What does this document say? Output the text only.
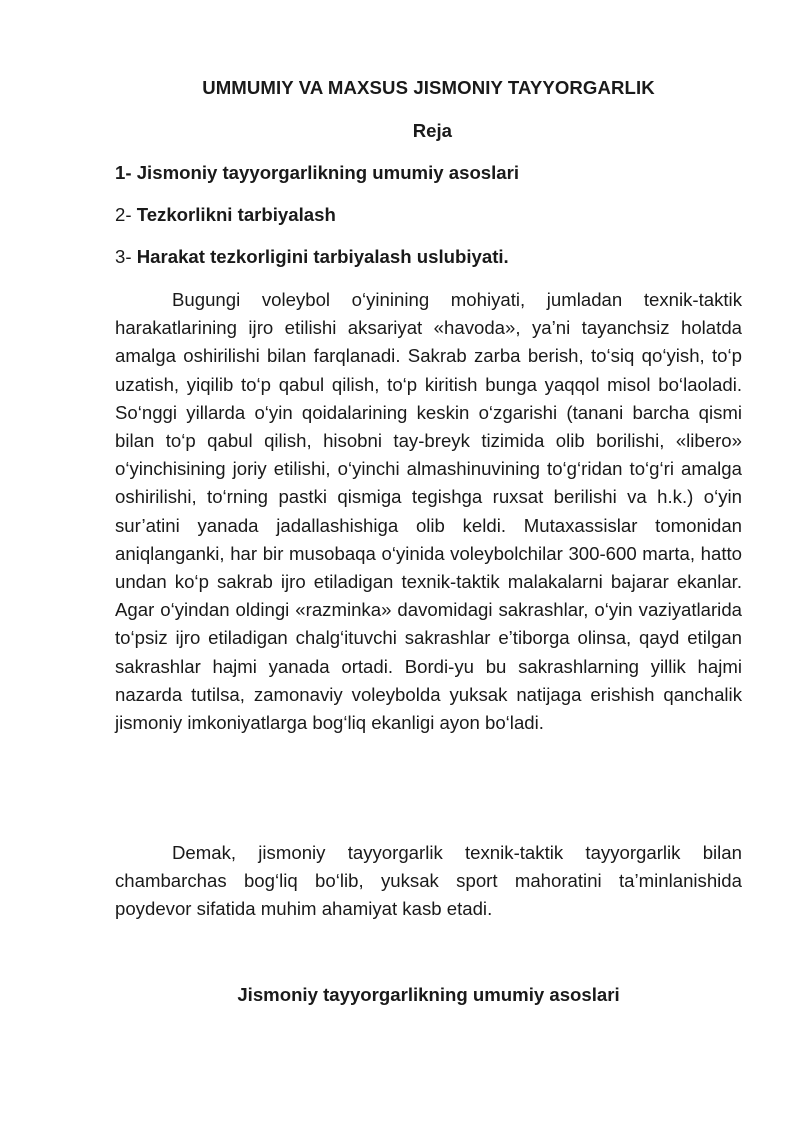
UMMUMIY VA MAXSUS JISMONIY TAYYORGARLIK
Reja
1- Jismoniy tayyorgarlikning umumiy asoslari
2- Tezkorlikni tarbiyalash
3- Harakat tezkorligini tarbiyalash uslubiyati.

Bugungi voleybol o‘yinining mohiyati, jumladan texnik-taktik harakatlarining ijro etilishi aksariyat «havoda», ya’ni tayanchsiz holatda amalga oshirilishi bilan farqlanadi. Sakrab zarba berish, to‘siq qo‘yish, to‘p uzatish, yiqilib to‘p qabul qilish, to‘p kiritish bunga yaqqol misol bo‘laoladi. So‘nggi yillarda o‘yin qoidalarining keskin o‘zgarishi (tanani barcha qismi bilan to‘p qabul qilish, hisobni tay-breyk tizimida olib borilishi, «libero» o‘yinchisining joriy etilishi, o‘yinchi almashinuvining to‘g‘ridan to‘g‘ri amalga oshirilishi, to‘rning pastki qismiga tegishga ruxsat berilishi va h.k.) o‘yin sur’atini yanada jadallashishiga olib keldi. Mutaxassislar tomonidan aniqlanganki, har bir musobaqa o‘yinida voleybolchilar 300-600 marta, hatto undan ko‘p sakrab ijro etiladigan texnik-taktik malakalarni bajarar ekanlar. Agar o‘yindan oldingi «razminka» davomidagi sakrashlar, o‘yin vaziyatlarida to‘psiz ijro etiladigan chalg‘ituvchi sakrashlar e’tiborga olinsa, qayd etilgan sakrashlar hajmi yanada ortadi. Bordi-yu bu sakrashlarning yillik hajmi nazarda tutilsa, zamonaviy voleybolda yuksak natijaga erishish qanchalik jismoniy imkoniyatlarga bog‘liq ekanligi ayon bo‘ladi.

Demak, jismoniy tayyorgarlik texnik-taktik tayyorgarlik bilan chambarchas bog‘liq bo‘lib, yuksak sport mahoratini ta’minlanishida poydevor sifatida muhim ahamiyat kasb etadi.

Jismoniy tayyorgarlikning umumiy asoslari
